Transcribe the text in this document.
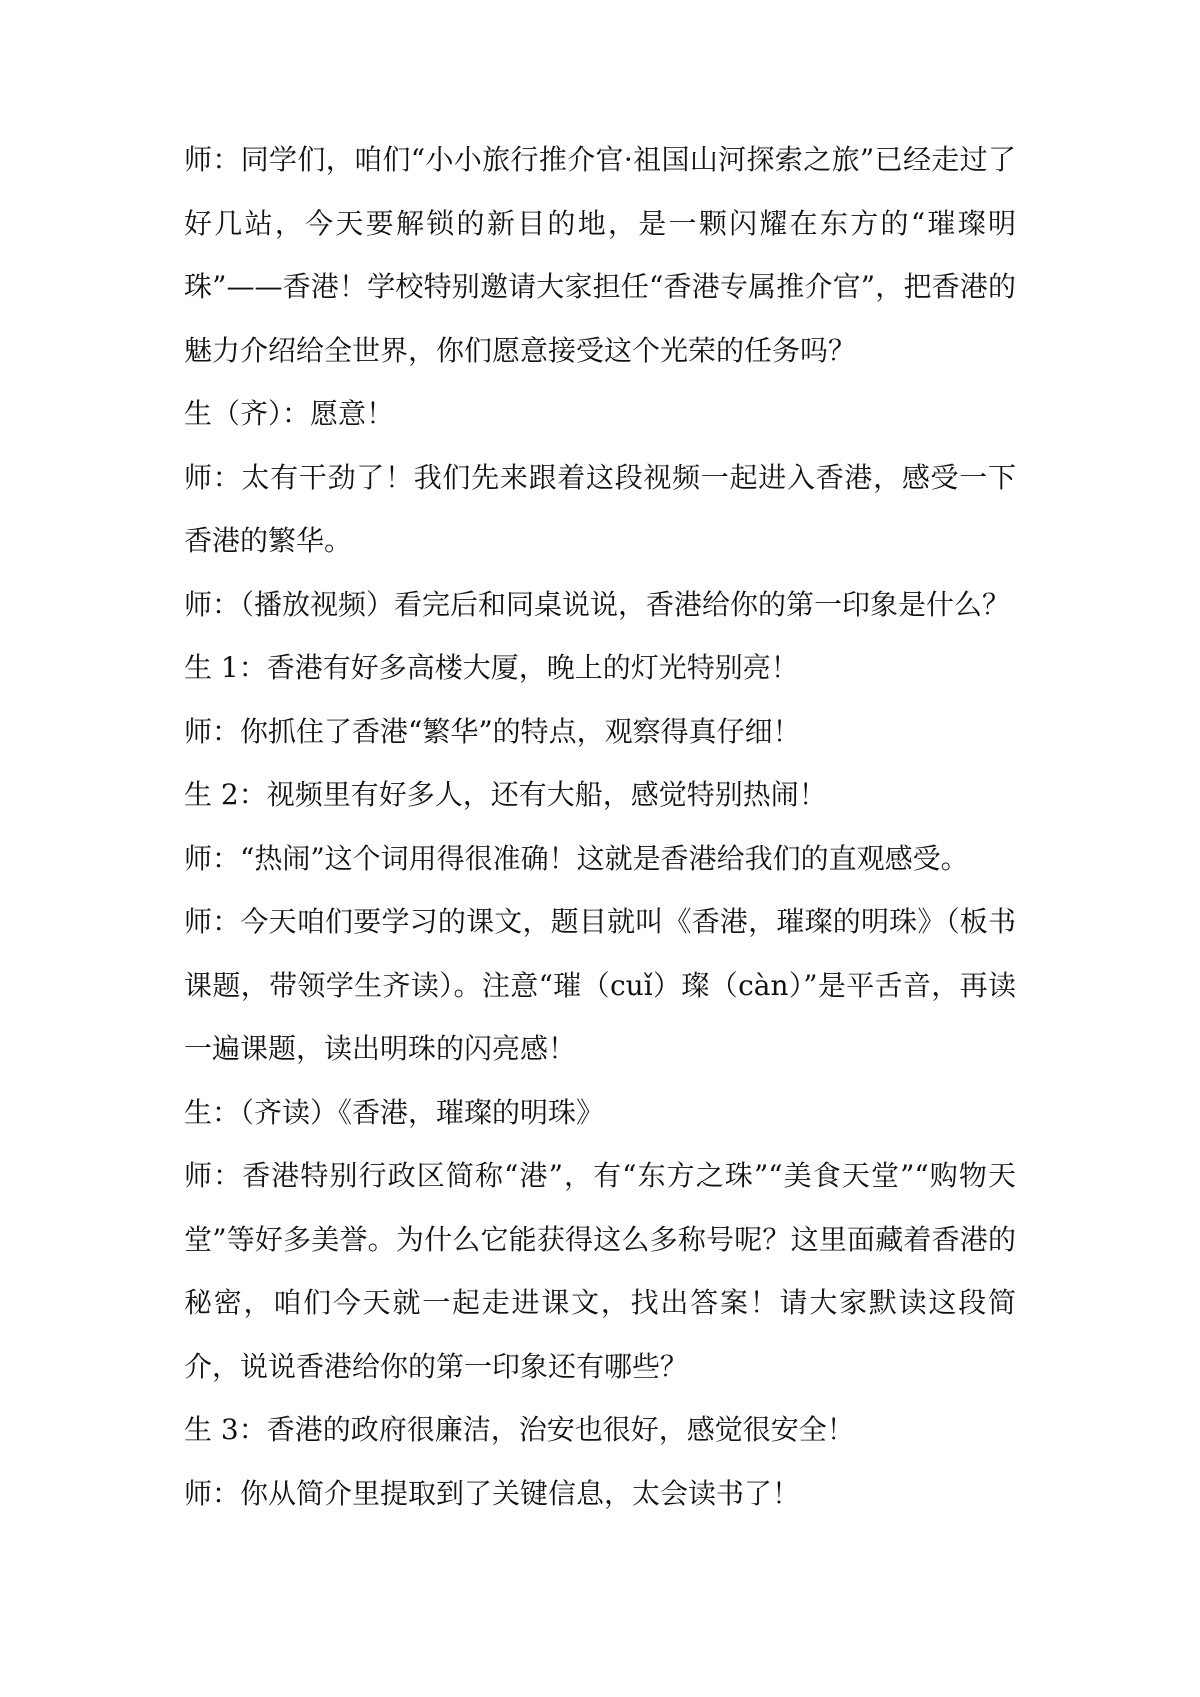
师：同学们，咱们“小小旅行推介官·祖国山河探索之旅”已经走过了好几站，今天要解锁的新目的地，是一颗闪耀在东方的“璀璨明珠”——香港！学校特别邀请大家担任“香港专属推介官”，把香港的魅力介绍给全世界，你们愿意接受这个光荣的任务吗？

生（齐）：愿意！

师：太有干劲了！我们先来跟着这段视频一起进入香港，感受一下香港的繁华。

师：（播放视频）看完后和同桌说说，香港给你的第一印象是什么？

生 1：香港有好多高楼大厦，晚上的灯光特别亮！

师：你抓住了香港“繁华”的特点，观察得真仔细！

生 2：视频里有好多人，还有大船，感觉特别热闹！

师：“热闹”这个词用得很准确！这就是香港给我们的直观感受。

师：今天咱们要学习的课文，题目就叫《香港，璀璨的明珠》（板书课题，带领学生齐读）。注意“璀（cuǐ）璨（càn）”是平舌音，再读一遍课题，读出明珠的闪亮感！

生：（齐读）《香港，璀璨的明珠》

师：香港特别行政区简称“港”，有“东方之珠”“美食天堂”“购物天堂”等好多美誉。为什么它能获得这么多称号呢？这里面藏着香港的秘密，咱们今天就一起走进课文，找出答案！请大家默读这段简介，说说香港给你的第一印象还有哪些？

生 3：香港的政府很廉洁，治安也很好，感觉很安全！

师：你从简介里提取到了关键信息，太会读书了！
